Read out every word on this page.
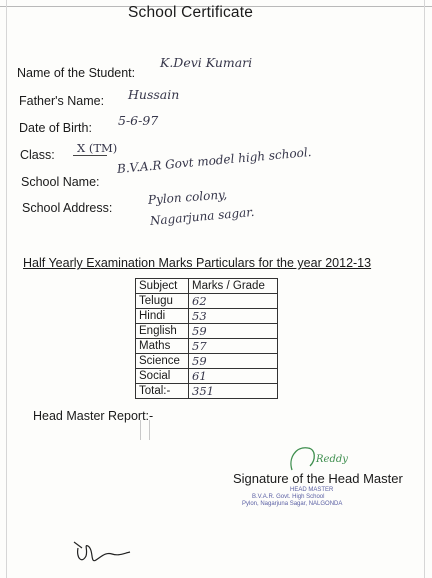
School Certificate
Name of the Student:
K.Devi Kumari
Father's Name: Hussain
Date of Birth: 5-6-97
Class: X (TM)
School Name:
B.V.A.R Govt model high school.
School Address:
Pylon colony,
Nagarjuna sagar.
Half Yearly Examination Marks Particulars for the year 2012-13
Subject	Marks / Grade
Telugu	62
Hindi	53
English	59
Maths	57
Science	59
Social	61
Total:-	351
Head Master Report:-
Reddy
Signature of the Head Master
HEAD MASTER
B.V.A.R. Govt. High School
Pylon, Nagarjuna Sagar, NALGONDA
